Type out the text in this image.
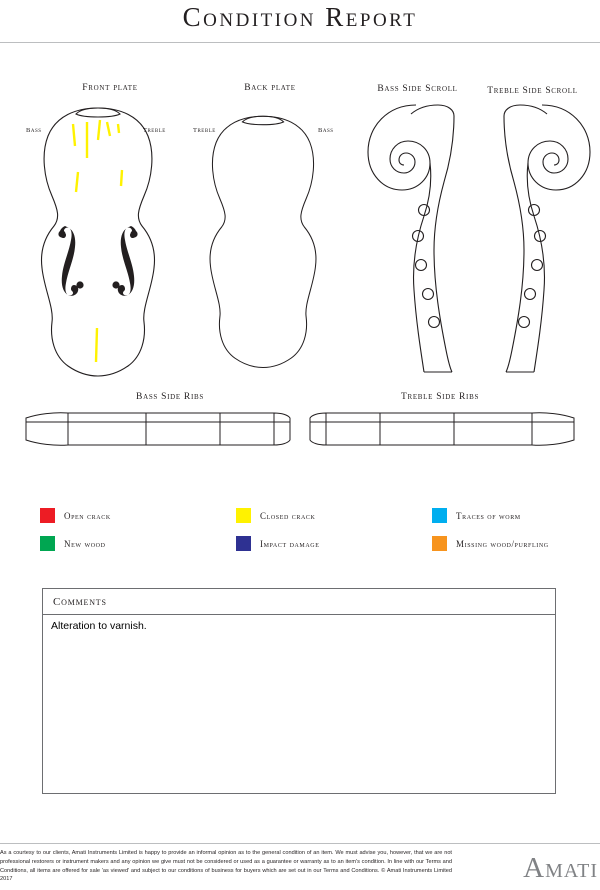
Condition Report
Front plate	Back plate	Bass Side Scroll	Treble Side Scroll
Bass	Treble	Treble	Bass
Bass Side Ribs	Treble Side Ribs
Open crack	Closed crack	Traces of worm
New wood	Impact damage	Missing wood/purfling
Comments
Alteration to varnish.
As a courtesy to our clients, Amati Instruments Limited is happy to provide an informal opinion as to the general condition of an item. We must advise you, however, that we are not professional restorers or instrument makers and any opinion we give must not be considered or used as a guarantee or warranty as to an item's condition. In line with our Terms and Conditions, all items are offered for sale 'as viewed' and subject to our conditions of business for buyers which are set out in our Terms and Conditions. © Amati Instruments Limited 2017	Amati
